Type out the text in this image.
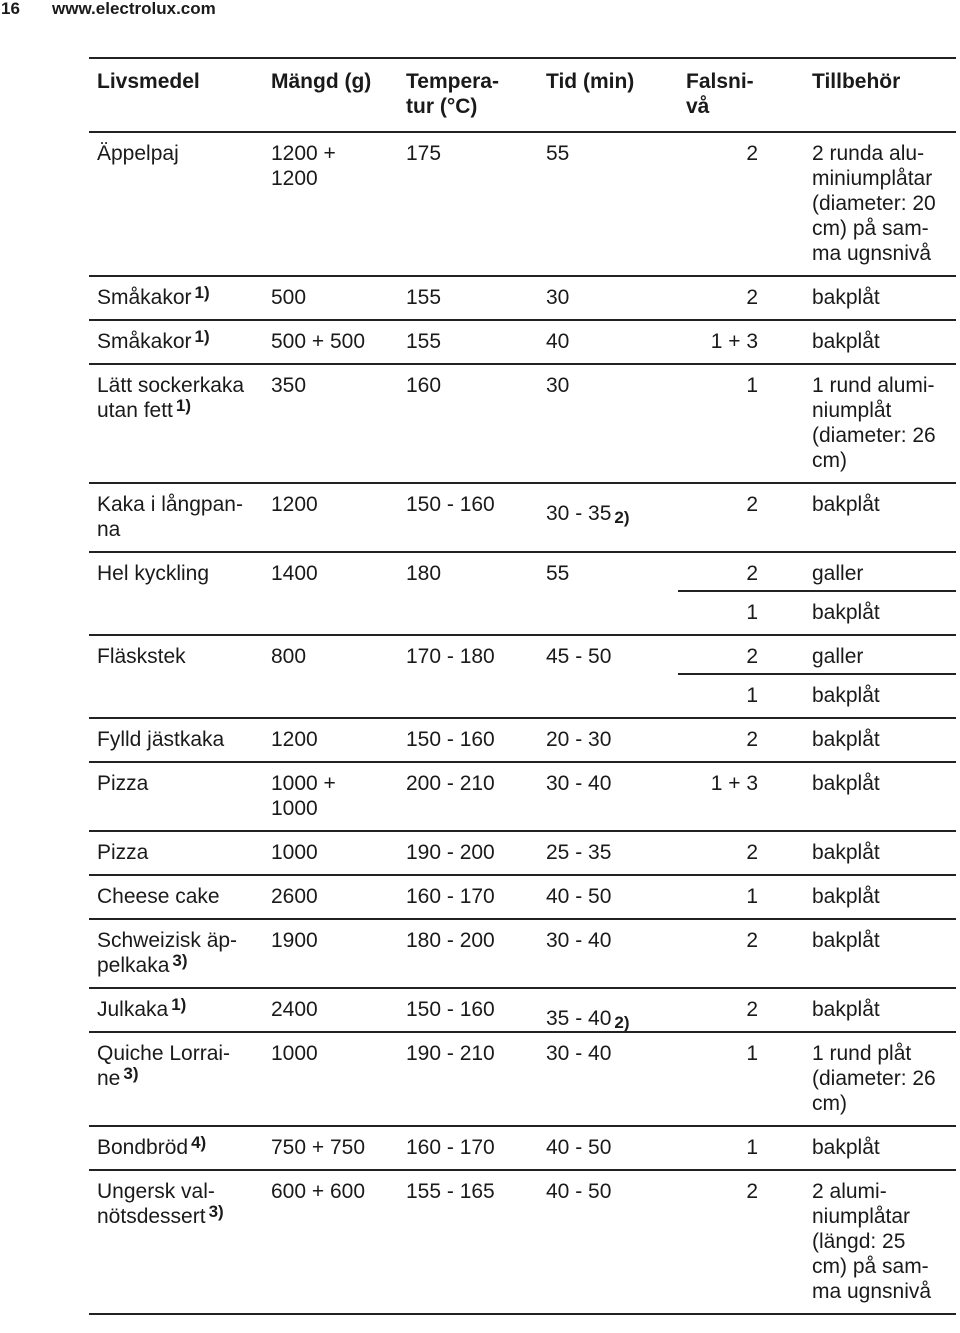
16 www.electrolux.com
Livsmedel	Mängd (g)	Tempera-
tur (°C)	Tid (min)	Falsni-
vå	Tillbehör
Äppelpaj	1200 +
1200	175	55	2	2 runda alu-
miniumplåtar
(diameter: 20
cm) på sam-
ma ugnsnivå
Småkakor $^{1)}$	500	155	30	2	bakplåt
Småkakor $^{1)}$	500 + 500	155	40	1 + 3	bakplåt
Lätt sockerkaka
utan fett $^{1)}$	350	160	30	1	1 rund alumi-
niumplåt
(diameter: 26
cm)
Kaka i långpan-
na	1200	150 - 160	30 - 35 $^{2)}$	2	bakplåt
Hel kyckling	1400	180	55	2	galler
				1	bakplåt
Fläskstek	800	170 - 180	45 - 50	2	galler
				1	bakplåt
Fylld jästkaka	1200	150 - 160	20 - 30	2	bakplåt
Pizza	1000 +
1000	200 - 210	30 - 40	1 + 3	bakplåt
Pizza	1000	190 - 200	25 - 35	2	bakplåt
Cheese cake	2600	160 - 170	40 - 50	1	bakplåt
Schweizisk äp-
pelkaka $^{3)}$	1900	180 - 200	30 - 40	2	bakplåt
Julkaka $^{1)}$	2400	150 - 160	35 - 40 $^{2)}$	2	bakplåt
Quiche Lorrai-
ne $^{3)}$	1000	190 - 210	30 - 40	1	1 rund plåt
(diameter: 26
cm)
Bondbröd $^{4)}$	750 + 750	160 - 170	40 - 50	1	bakplåt
Ungersk val-
nötsdessert $^{3)}$	600 + 600	155 - 165	40 - 50	2	2 alumi-
niumplåtar
(längd: 25
cm) på sam-
ma ugnsnivå
